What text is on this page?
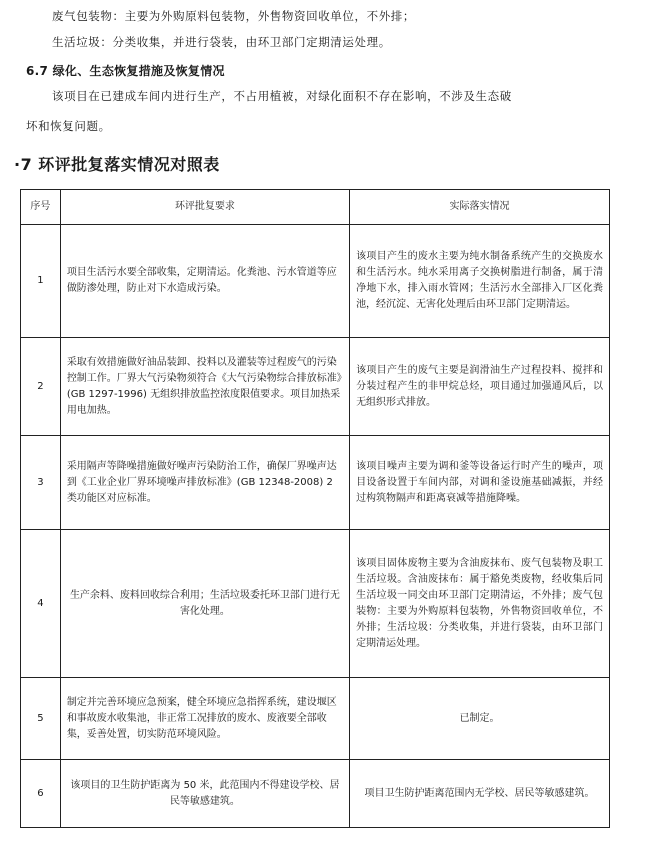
废气包装物：主要为外购原料包装物，外售物资回收单位，不外排；
生活垃圾：分类收集，并进行袋装，由环卫部门定期清运处理。
6.7 绿化、生态恢复措施及恢复情况
该项目在已建成车间内进行生产，不占用植被，对绿化面积不存在影响，不涉及生态破
坏和恢复问题。
·7 环评批复落实情况对照表
序号	环评批复要求	实际落实情况
1	项目生活污水要全部收集，定期清运。化粪池、污水管道等应做防渗处理，防止对下水造成污染。	该项目产生的废水主要为纯水制备系统产生的交换废水和生活污水。纯水采用离子交换树脂进行制备，属于清净地下水，排入雨水管网；生活污水全部排入厂区化粪池，经沉淀、无害化处理后由环卫部门定期清运。
2	采取有效措施做好油品装卸、投料以及灌装等过程废气的污染控制工作。厂界大气污染物须符合《大气污染物综合排放标准》(GB 1297-1996) 无组织排放监控浓度限值要求。项目加热采用电加热。	该项目产生的废气主要是润滑油生产过程投料、搅拌和分装过程产生的非甲烷总烃，项目通过加强通风后，以无组织形式排放。
3	采用隔声等降噪措施做好噪声污染防治工作，确保厂界噪声达到《工业企业厂界环境噪声排放标准》(GB 12348-2008) 2 类功能区对应标准。	该项目噪声主要为调和釜等设备运行时产生的噪声，项目设备设置于车间内部，对调和釜设施基础减振，并经过构筑物隔声和距离衰减等措施降噪。
4	生产余料、废料回收综合利用；生活垃圾委托环卫部门进行无害化处理。	该项目固体废物主要为含油废抹布、废气包装物及职工生活垃圾。含油废抹布：属于豁免类废物，经收集后同生活垃圾一同交由环卫部门定期清运，不外排；废气包装物：主要为外购原料包装物，外售物资回收单位，不外排；生活垃圾：分类收集，并进行袋装，由环卫部门定期清运处理。
5	制定并完善环境应急预案，健全环境应急指挥系统，建设堰区和事故废水收集池，非正常工况排放的废水、废液要全部收集，妥善处置，切实防范环境风险。	已制定。
6	该项目的卫生防护距离为 50 米，此范围内不得建设学校、居民等敏感建筑。	项目卫生防护距离范围内无学校、居民等敏感建筑。
